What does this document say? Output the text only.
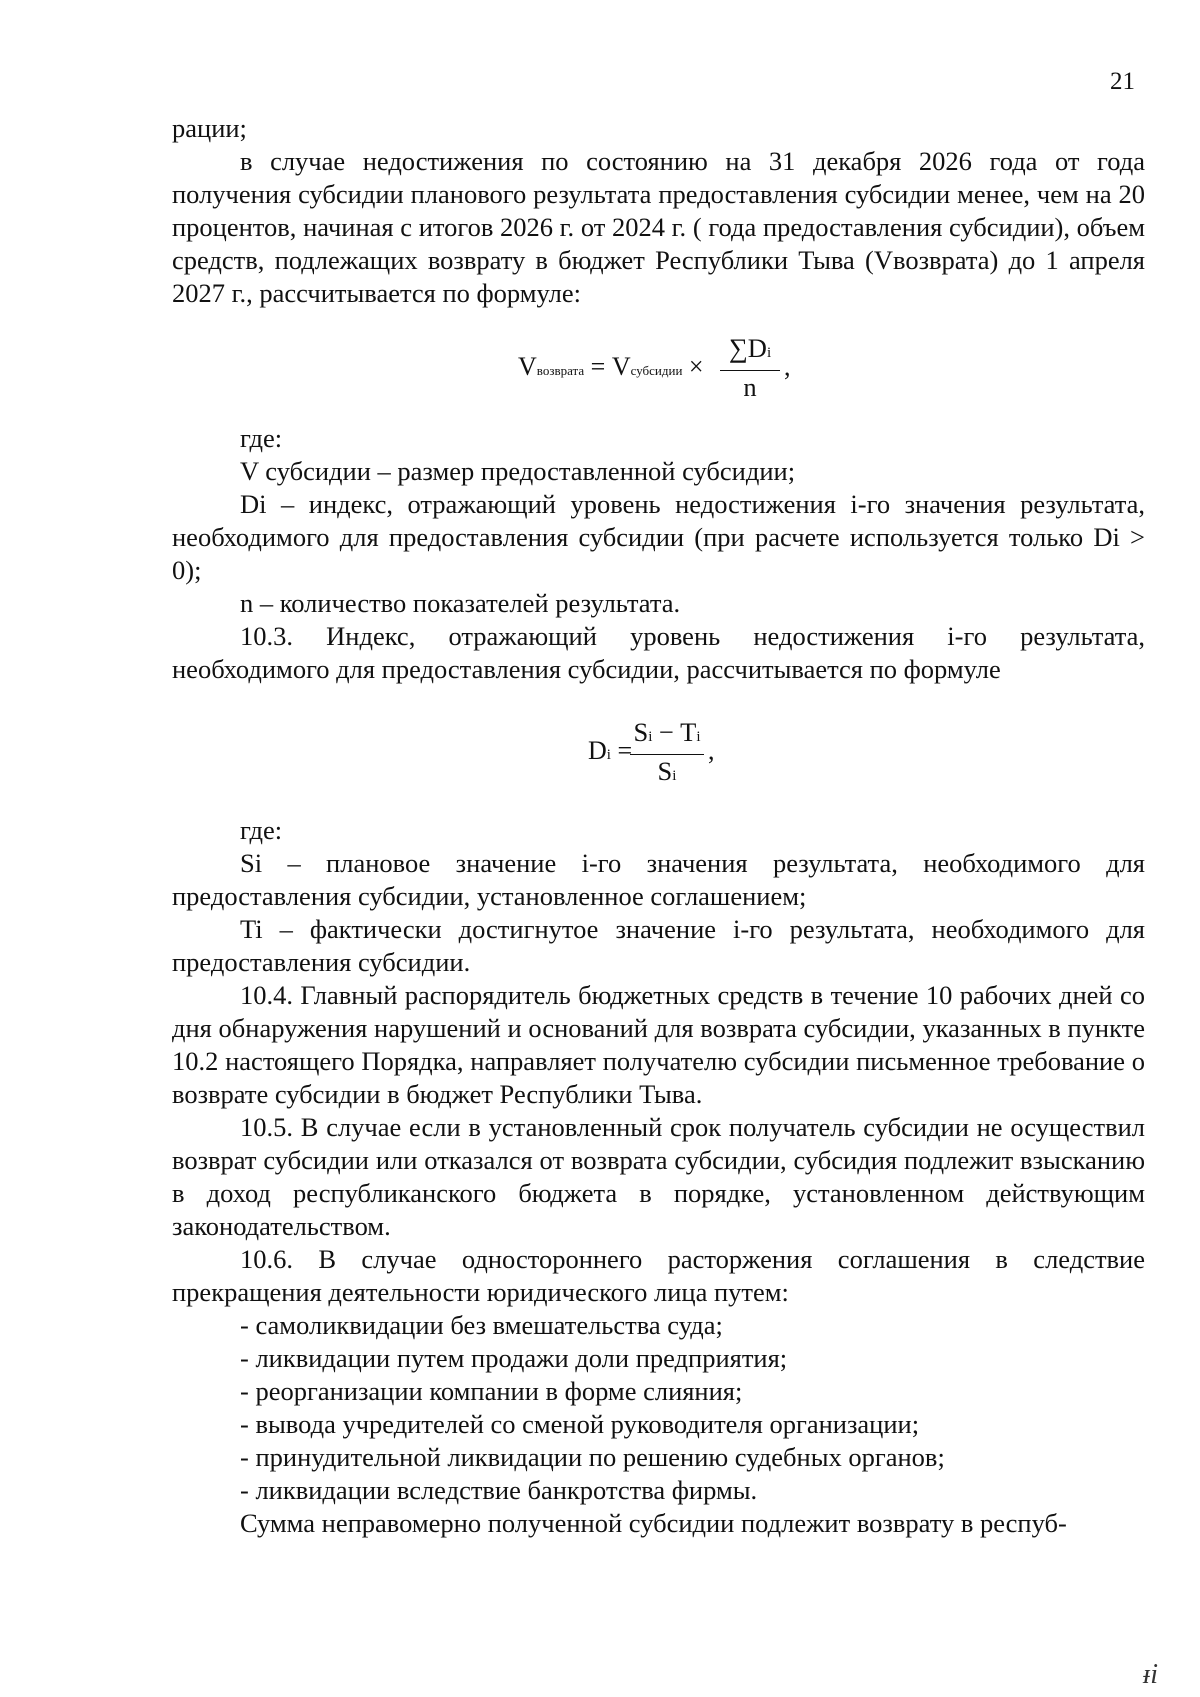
21

рации;

в случае недостижения по состоянию на 31 декабря 2026 года от года получения субсидии планового результата предоставления субсидии менее, чем на 20 процентов, начиная с итогов 2026 г. от 2024 г. ( года предоставления субсидии), объем средств, подлежащих возврату в бюджет Республики Тыва (Vвозврата) до 1 апреля 2027 г., рассчитывается по формуле:

Vвозврата = Vсубсидии ×
∑Di
n
,

где:

V субсидии – размер предоставленной субсидии;

Di – индекс, отражающий уровень недостижения i-го значения результата, необходимого для предоставления субсидии (при расчете используется только Di > 0);

n – количество показателей результата.

10.3. Индекс, отражающий уровень недостижения i-го результата, необходимого для предоставления субсидии, рассчитывается по формуле

Di =
Si − Ti
Si
,

где:

Si – плановое значение i-го значения результата, необходимого для предоставления субсидии, установленное соглашением;

Ti – фактически достигнутое значение i-го результата, необходимого для предоставления субсидии.

10.4. Главный распорядитель бюджетных средств в течение 10 рабочих дней со дня обнаружения нарушений и оснований для возврата субсидии, указанных в пункте 10.2 настоящего Порядка, направляет получателю субсидии письменное требование о возврате субсидии в бюджет Республики Тыва.

10.5. В случае если в установленный срок получатель субсидии не осуществил возврат субсидии или отказался от возврата субсидии, субсидия подлежит взысканию в доход республиканского бюджета в порядке, установленном действующим законодательством.

10.6. В случае одностороннего расторжения соглашения в следствие прекращения деятельности юридического лица путем:

- самоликвидации без вмешательства суда;

- ликвидации путем продажи доли предприятия;

- реорганизации компании в форме слияния;

- вывода учредителей со сменой руководителя организации;

- принудительной ликвидации по решению судебных органов;

- ликвидации вследствие банкротства фирмы.

Сумма неправомерно полученной субсидии подлежит возврату в респуб-

ᵻi
